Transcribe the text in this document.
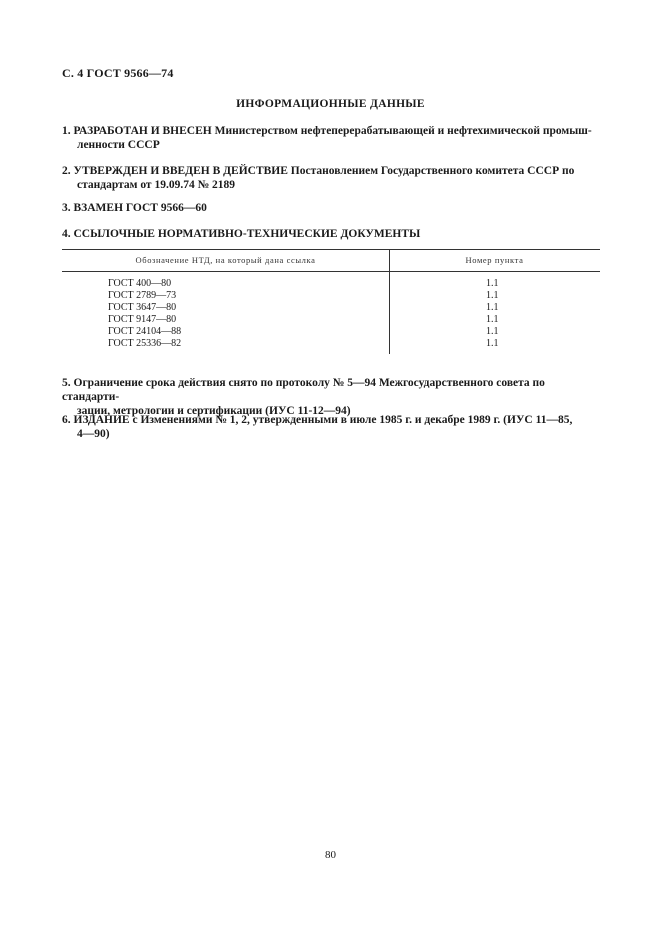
С. 4 ГОСТ 9566—74
ИНФОРМАЦИОННЫЕ ДАННЫЕ
1. РАЗРАБОТАН И ВНЕСЕН Министерством нефтеперерабатывающей и нефтехимической промыш-
ленности СССР
2. УТВЕРЖДЕН И ВВЕДЕН В ДЕЙСТВИЕ Постановлением Государственного комитета СССР по
стандартам от 19.09.74 № 2189
3. ВЗАМЕН ГОСТ 9566—60
4. ССЫЛОЧНЫЕ НОРМАТИВНО-ТЕХНИЧЕСКИЕ ДОКУМЕНТЫ
Обозначение НТД, на который дана ссылка	Номер пункта
ГОСТ 400—80	1.1
ГОСТ 2789—73	1.1
ГОСТ 3647—80	1.1
ГОСТ 9147—80	1.1
ГОСТ 24104—88	1.1
ГОСТ 25336—82	1.1
5. Ограничение срока действия снято по протоколу № 5—94 Межгосударственного совета по стандарти-
зации, метрологии и сертификации (ИУС 11-12—94)
6. ИЗДАНИЕ с Изменениями № 1, 2, утвержденными в июле 1985 г. и декабре 1989 г. (ИУС 11—85,
4—90)
80
